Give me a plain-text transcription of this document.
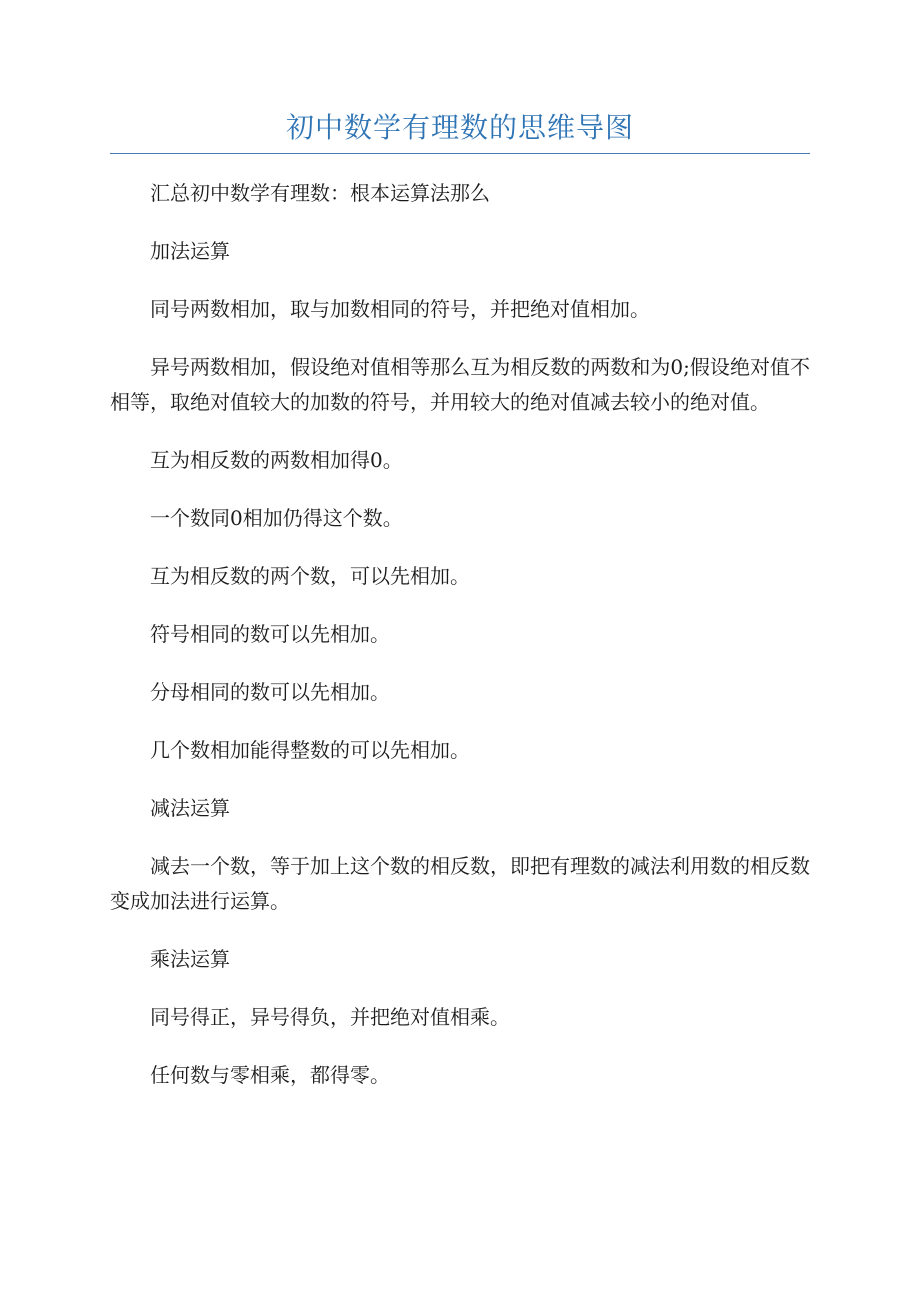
初中数学有理数的思维导图

汇总初中数学有理数：根本运算法那么

加法运算

同号两数相加，取与加数相同的符号，并把绝对值相加。

异号两数相加，假设绝对值相等那么互为相反数的两数和为0;假设绝对值不相等，取绝对值较大的加数的符号，并用较大的绝对值减去较小的绝对值。

互为相反数的两数相加得0。

一个数同0相加仍得这个数。

互为相反数的两个数，可以先相加。

符号相同的数可以先相加。

分母相同的数可以先相加。

几个数相加能得整数的可以先相加。

减法运算

减去一个数，等于加上这个数的相反数，即把有理数的减法利用数的相反数变成加法进行运算。

乘法运算

同号得正，异号得负，并把绝对值相乘。

任何数与零相乘，都得零。
